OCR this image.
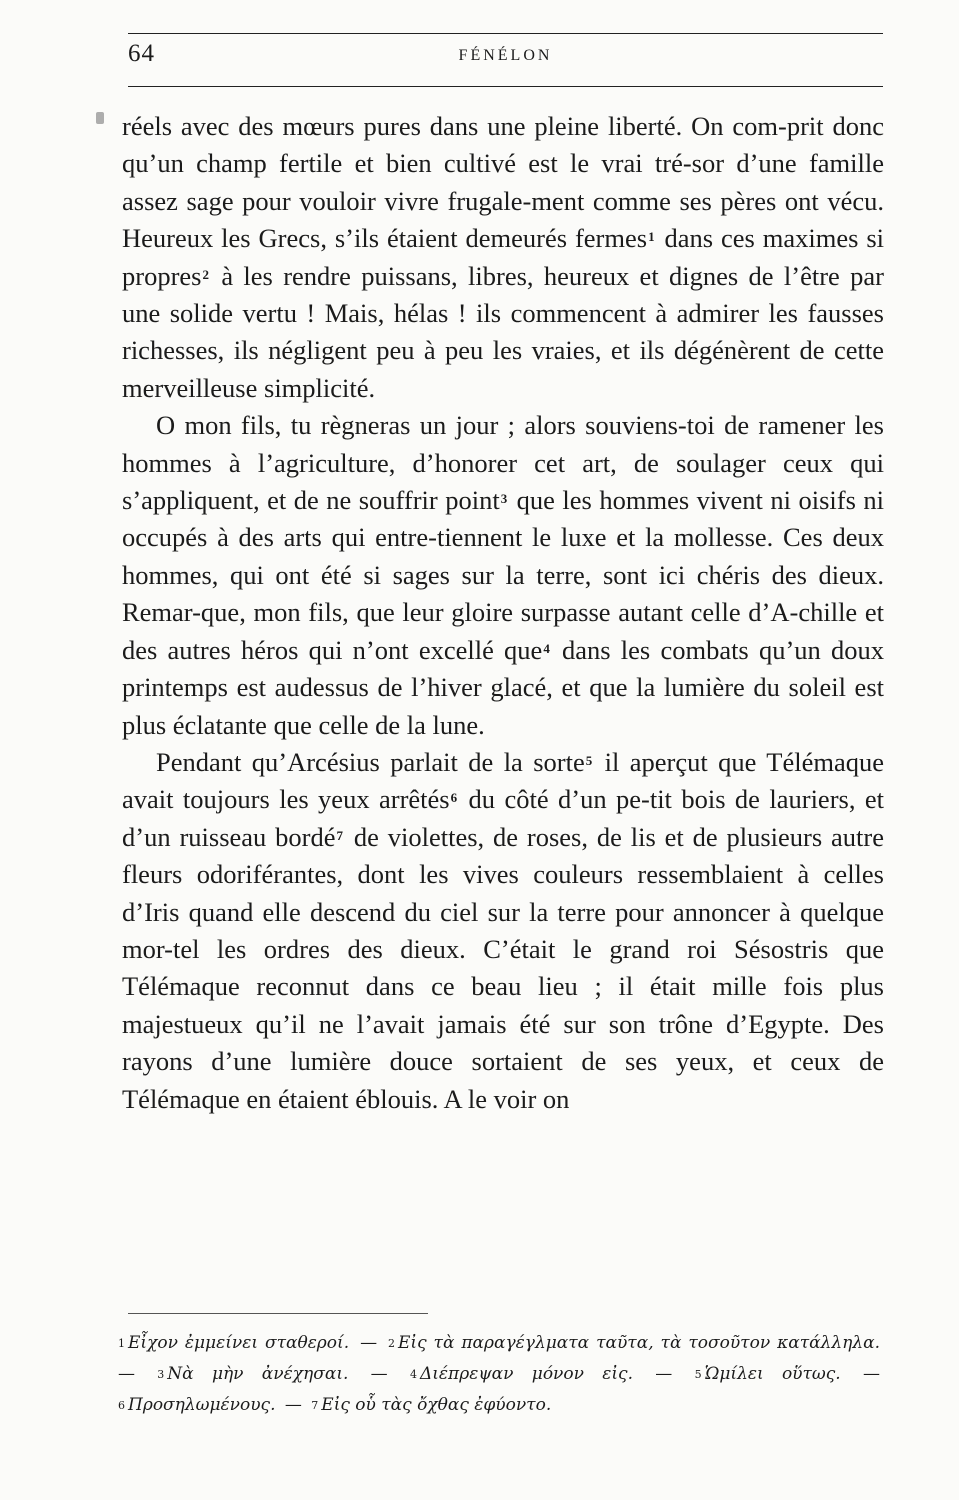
64	FÉNÉLON

réels avec des mœurs pures dans une pleine liberté. On com-prit donc qu’un champ fertile et bien cultivé est le vrai tré-sor d’une famille assez sage pour vouloir vivre frugale-ment comme ses pères ont vécu. Heureux les Grecs, s’ils étaient demeurés fermes$^1$ dans ces maximes si propres$^2$ à les rendre puissans, libres, heureux et dignes de l’être par une solide vertu ! Mais, hélas ! ils commencent à admirer les fausses richesses, ils négligent peu à peu les vraies, et ils dégénèrent de cette merveilleuse simplicité.

O mon fils, tu règneras un jour ; alors souviens-toi de ramener les hommes à l’agriculture, d’honorer cet art, de soulager ceux qui s’appliquent, et de ne souffrir point$^3$ que les hommes vivent ni oisifs ni occupés à des arts qui entre-tiennent le luxe et la mollesse. Ces deux hommes, qui ont été si sages sur la terre, sont ici chéris des dieux. Remar-que, mon fils, que leur gloire surpasse autant celle d’A-chille et des autres héros qui n’ont excellé que$^4$ dans les combats qu’un doux printemps est audessus de l’hiver glacé, et que la lumière du soleil est plus éclatante que celle de la lune.

Pendant qu’Arcésius parlait de la sorte$^5$ il aperçut que Télémaque avait toujours les yeux arrêtés$^6$ du côté d’un pe-tit bois de lauriers, et d’un ruisseau bordé$^7$ de violettes, de roses, de lis et de plusieurs autre fleurs odoriférantes, dont les vives couleurs ressemblaient à celles d’Iris quand elle descend du ciel sur la terre pour annoncer à quelque mor-tel les ordres des dieux. C’était le grand roi Sésostris que Télémaque reconnut dans ce beau lieu ; il était mille fois plus majestueux qu’il ne l’avait jamais été sur son trône d’Egypte. Des rayons d’une lumière douce sortaient de ses yeux, et ceux de Télémaque en étaient éblouis. A le voir on

$^1$ Εἶχον ἐμμείνει σταθεροί. — $^2$ Εἰς τὰ παραγέγλματα ταῦτα, τὰ τοσοῦτον κατάλληλα. — $^3$ Νὰ μὴν ἀνέχησαι. — $^4$ Διέπρεψαν μόνον εἰς. — $^5$ Ὡμίλει οὕτως. — $^6$ Προσηλωμένους. — $^7$ Εἰς οὗ τὰς ὄχθας ἐφύοντο.
